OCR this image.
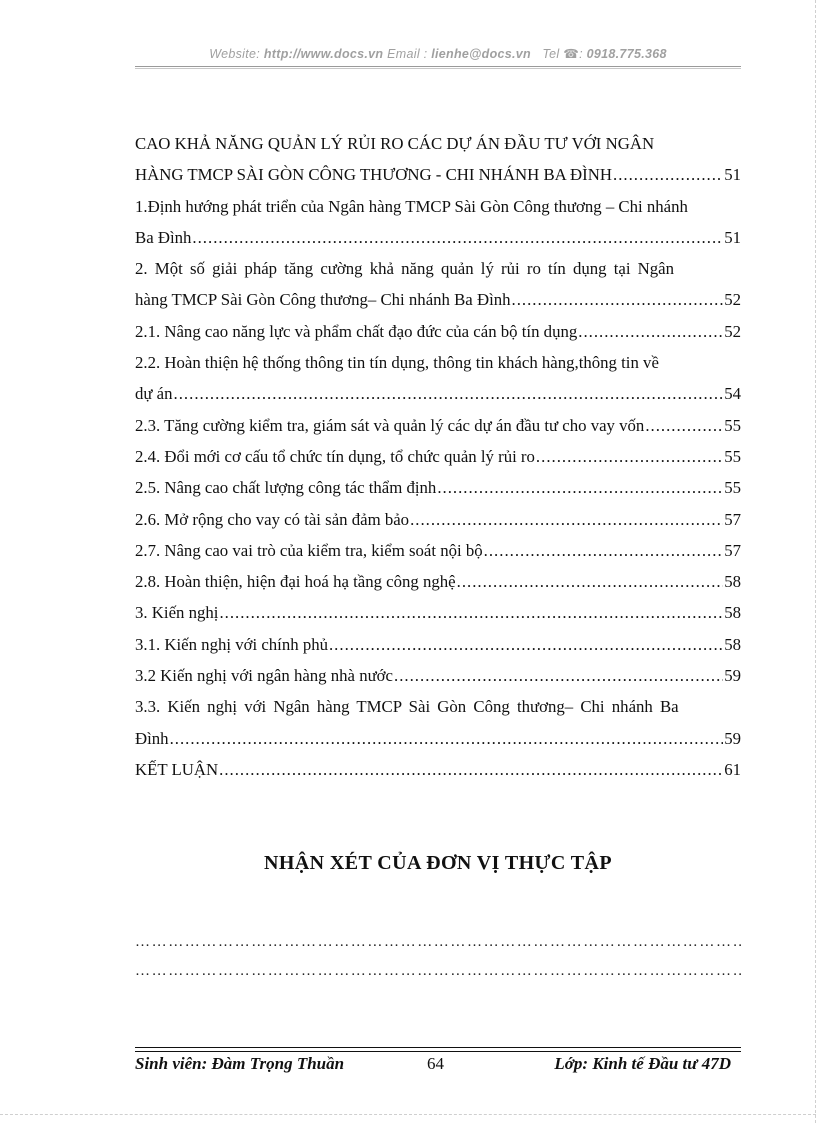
Website: http://www.docs.vn Email : lienhe@docs.vn Tel ☎: 0918.775.368
CAO KHẢ NĂNG QUẢN LÝ RỦI RO CÁC DỰ ÁN ĐẦU TƯ VỚI NGÂN
HÀNG TMCP SÀI GÒN CÔNG THƯƠNG - CHI NHÁNH BA ĐÌNH .....	51
1.Định hướng phát triển của Ngân hàng TMCP Sài Gòn Công thương – Chi nhánh
Ba Đình .....	51
2. Một số giải pháp tăng cường khả năng quản lý rủi ro tín dụng tại Ngân
hàng TMCP Sài Gòn Công thương– Chi nhánh Ba Đình .....	52
2.1. Nâng cao năng lực và phẩm chất đạo đức của cán bộ tín dụng .....	52
2.2. Hoàn thiện hệ thống thông tin tín dụng, thông tin khách hàng,thông tin về
dự án .....	54
2.3. Tăng cường kiểm tra, giám sát và quản lý các dự án đầu tư cho vay vốn .....	55
2.4. Đổi mới cơ cấu tổ chức tín dụng, tổ chức quản lý rủi ro .....	55
2.5. Nâng cao chất lượng công tác thẩm định .....	55
2.6. Mở rộng cho vay có tài sản đảm bảo .....	57
2.7. Nâng cao vai trò của kiểm tra, kiểm soát nội bộ .....	57
2.8. Hoàn thiện, hiện đại hoá hạ tầng công nghệ .....	58
3. Kiến nghị .....	58
3.1. Kiến nghị với chính phủ .....	58
3.2 Kiến nghị với ngân hàng nhà nước .....	59
3.3. Kiến nghị với Ngân hàng TMCP Sài Gòn Công thương– Chi nhánh Ba
Đình .....	59
KẾT LUẬN .....	61
NHẬN XÉT CỦA ĐƠN VỊ THỰC TẬP
……………………………………………………………………………………………………………………………………………………
……………………………………………………………………………………………………………………………………………………
Sinh viên: Đàm Trọng Thuần	64	Lớp: Kinh tế Đầu tư 47D
